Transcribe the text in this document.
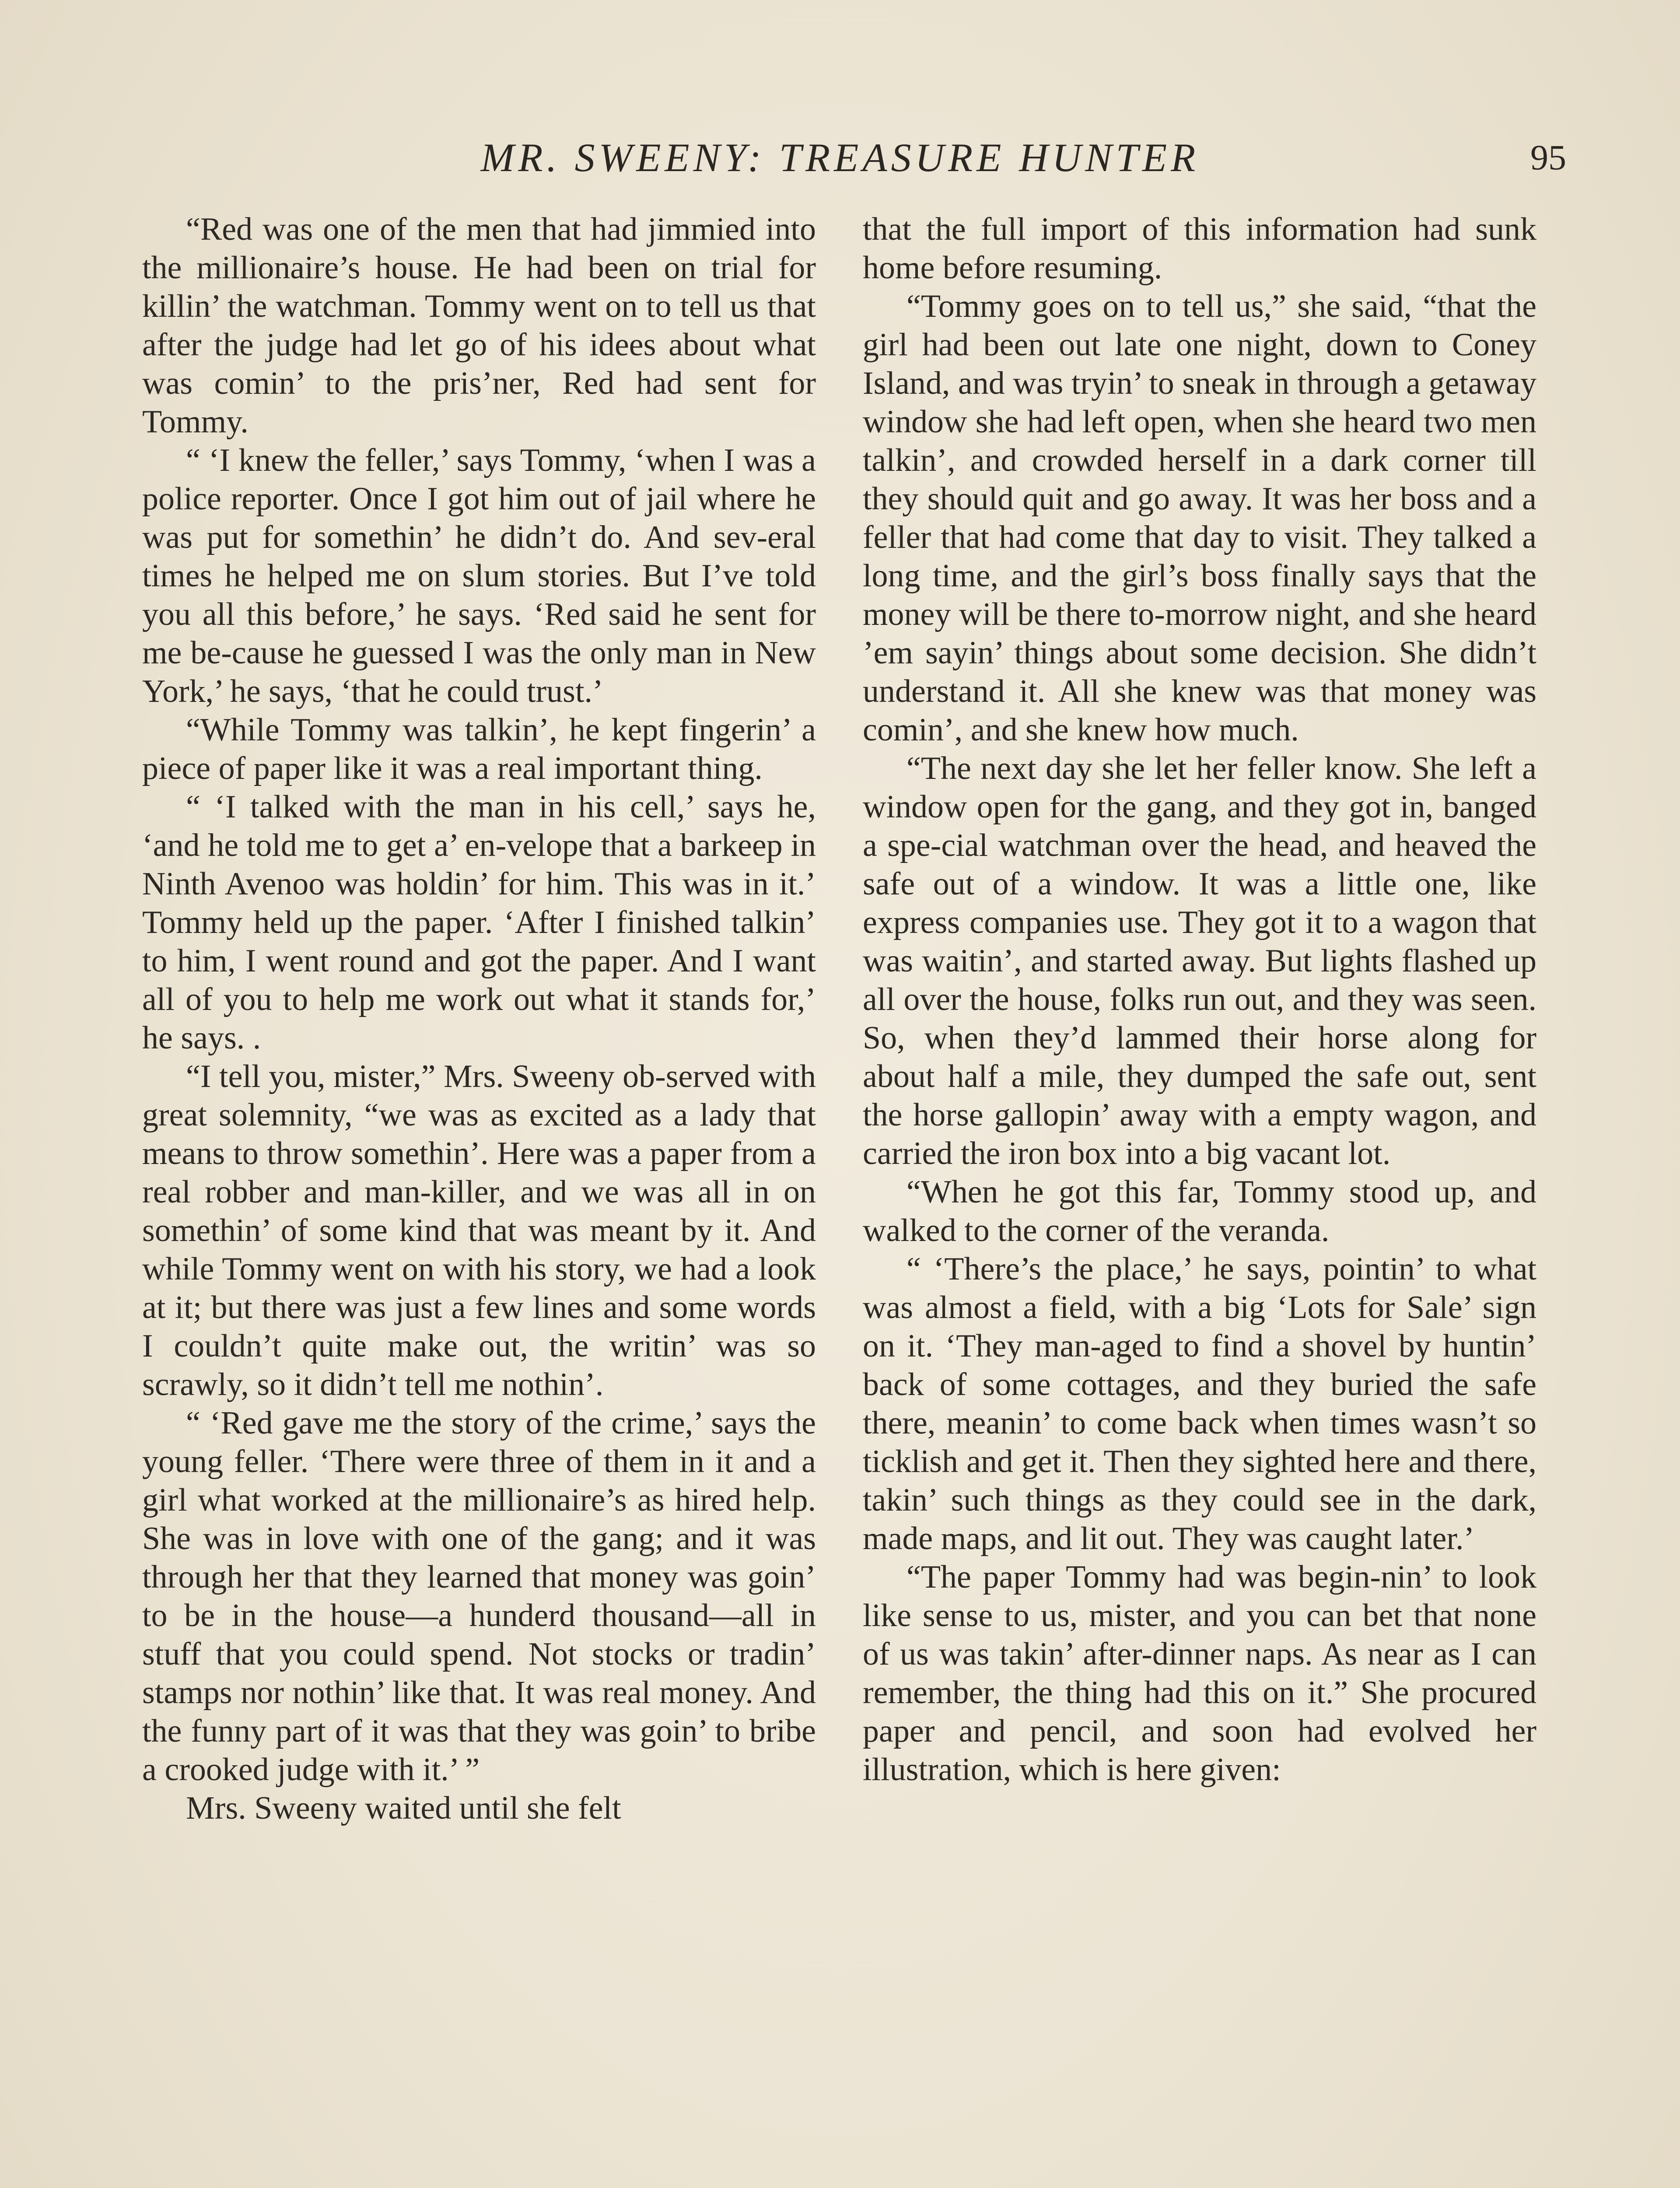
MR. SWEENY: TREASURE HUNTER	95

“Red was one of the men that had jimmied into the millionaire’s house. He had been on trial for killin’ the watchman. Tommy went on to tell us that after the judge had let go of his idees about what was comin’ to the pris’ner, Red had sent for Tommy.

“ ‘I knew the feller,’ says Tommy, ‘when I was a police reporter. Once I got him out of jail where he was put for somethin’ he didn’t do. And sev-eral times he helped me on slum stories. But I’ve told you all this before,’ he says. ‘Red said he sent for me be-cause he guessed I was the only man in New York,’ he says, ‘that he could trust.’

“While Tommy was talkin’, he kept fingerin’ a piece of paper like it was a real important thing.

“ ‘I talked with the man in his cell,’ says he, ‘and he told me to get a’ en-velope that a barkeep in Ninth Avenoo was holdin’ for him. This was in it.’ Tommy held up the paper. ‘After I finished talkin’ to him, I went round and got the paper. And I want all of you to help me work out what it stands for,’ he says. .

“I tell you, mister,” Mrs. Sweeny ob-served with great solemnity, “we was as excited as a lady that means to throw somethin’. Here was a paper from a real robber and man-killer, and we was all in on somethin’ of some kind that was meant by it. And while Tommy went on with his story, we had a look at it; but there was just a few lines and some words I couldn’t quite make out, the writin’ was so scrawly, so it didn’t tell me nothin’.

“ ‘Red gave me the story of the crime,’ says the young feller. ‘There were three of them in it and a girl what worked at the millionaire’s as hired help. She was in love with one of the gang; and it was through her that they learned that money was goin’ to be in the house—a hunderd thousand—all in stuff that you could spend. Not stocks or tradin’ stamps nor nothin’ like that. It was real money. And the funny part of it was that they was goin’ to bribe a crooked judge with it.’ ”

Mrs. Sweeny waited until she felt

that the full import of this information had sunk home before resuming.

“Tommy goes on to tell us,” she said, “that the girl had been out late one night, down to Coney Island, and was tryin’ to sneak in through a getaway window she had left open, when she heard two men talkin’, and crowded herself in a dark corner till they should quit and go away. It was her boss and a feller that had come that day to visit. They talked a long time, and the girl’s boss finally says that the money will be there to-morrow night, and she heard ’em sayin’ things about some decision. She didn’t understand it. All she knew was that money was comin’, and she knew how much.

“The next day she let her feller know. She left a window open for the gang, and they got in, banged a spe-cial watchman over the head, and heaved the safe out of a window. It was a little one, like express companies use. They got it to a wagon that was waitin’, and started away. But lights flashed up all over the house, folks run out, and they was seen. So, when they’d lammed their horse along for about half a mile, they dumped the safe out, sent the horse gallopin’ away with a empty wagon, and carried the iron box into a big vacant lot.

“When he got this far, Tommy stood up, and walked to the corner of the veranda.

“ ‘There’s the place,’ he says, pointin’ to what was almost a field, with a big ‘Lots for Sale’ sign on it. ‘They man-aged to find a shovel by huntin’ back of some cottages, and they buried the safe there, meanin’ to come back when times wasn’t so ticklish and get it. Then they sighted here and there, takin’ such things as they could see in the dark, made maps, and lit out. They was caught later.’

“The paper Tommy had was begin-nin’ to look like sense to us, mister, and you can bet that none of us was takin’ after-dinner naps. As near as I can remember, the thing had this on it.” She procured paper and pencil, and soon had evolved her illustration, which is here given:
